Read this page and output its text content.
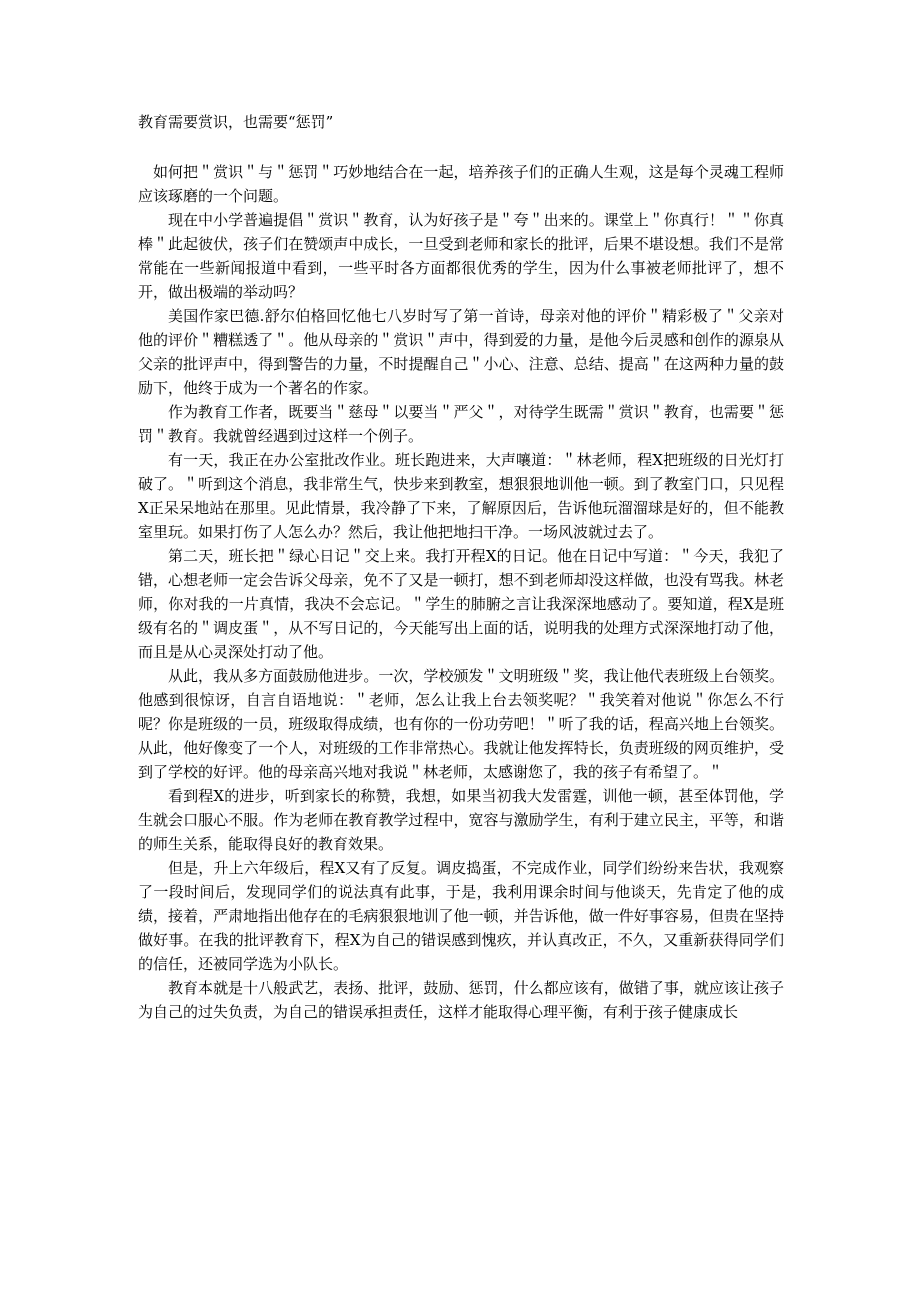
教育需要赏识，也需要“惩罚”

如何把＂赏识＂与＂惩罚＂巧妙地结合在一起，培养孩子们的正确人生观，这是每个灵魂工程师应该琢磨的一个问题。

现在中小学普遍提倡＂赏识＂教育，认为好孩子是＂夸＂出来的。课堂上＂你真行！＂＂你真棒＂此起彼伏，孩子们在赞颂声中成长，一旦受到老师和家长的批评，后果不堪设想。我们不是常常能在一些新闻报道中看到，一些平时各方面都很优秀的学生，因为什么事被老师批评了，想不开，做出极端的举动吗？

美国作家巴德.舒尔伯格回忆他七八岁时写了第一首诗，母亲对他的评价＂精彩极了＂父亲对他的评价＂糟糕透了＂。他从母亲的＂赏识＂声中，得到爱的力量，是他今后灵感和创作的源泉从父亲的批评声中，得到警告的力量，不时提醒自己＂小心、注意、总结、提高＂在这两种力量的鼓励下，他终于成为一个著名的作家。

作为教育工作者，既要当＂慈母＂以要当＂严父＂，对待学生既需＂赏识＂教育，也需要＂惩罚＂教育。我就曾经遇到过这样一个例子。

有一天，我正在办公室批改作业。班长跑进来，大声嚷道：＂林老师，程X把班级的日光灯打破了。＂听到这个消息，我非常生气，快步来到教室，想狠狠地训他一顿。到了教室门口，只见程X正呆呆地站在那里。见此情景，我冷静了下来，了解原因后，告诉他玩溜溜球是好的，但不能教室里玩。如果打伤了人怎么办？然后，我让他把地扫干净。一场风波就过去了。

第二天，班长把＂绿心日记＂交上来。我打开程X的日记。他在日记中写道：＂今天，我犯了错，心想老师一定会告诉父母亲，免不了又是一顿打，想不到老师却没这样做，也没有骂我。林老师，你对我的一片真情，我决不会忘记。＂学生的肺腑之言让我深深地感动了。要知道，程X是班级有名的＂调皮蛋＂，从不写日记的，今天能写出上面的话，说明我的处理方式深深地打动了他，而且是从心灵深处打动了他。

从此，我从多方面鼓励他进步。一次，学校颁发＂文明班级＂奖，我让他代表班级上台领奖。他感到很惊讶，自言自语地说：＂老师，怎么让我上台去领奖呢？＂我笑着对他说＂你怎么不行呢？你是班级的一员，班级取得成绩，也有你的一份功劳吧！＂听了我的话，程高兴地上台领奖。从此，他好像变了一个人，对班级的工作非常热心。我就让他发挥特长，负责班级的网页维护，受到了学校的好评。他的母亲高兴地对我说＂林老师，太感谢您了，我的孩子有希望了。＂

看到程X的进步，听到家长的称赞，我想，如果当初我大发雷霆，训他一顿，甚至体罚他，学生就会口服心不服。作为老师在教育教学过程中，宽容与激励学生，有利于建立民主，平等，和谐的师生关系，能取得良好的教育效果。

但是，升上六年级后，程X又有了反复。调皮捣蛋，不完成作业，同学们纷纷来告状，我观察了一段时间后，发现同学们的说法真有此事，于是，我利用课余时间与他谈天，先肯定了他的成绩，接着，严肃地指出他存在的毛病狠狠地训了他一顿，并告诉他，做一件好事容易，但贵在坚持做好事。在我的批评教育下，程X为自己的错误感到愧疚，并认真改正，不久，又重新获得同学们的信任，还被同学选为小队长。

教育本就是十八般武艺，表扬、批评，鼓励、惩罚，什么都应该有，做错了事，就应该让孩子为自己的过失负责，为自己的错误承担责任，这样才能取得心理平衡，有利于孩子健康成长
